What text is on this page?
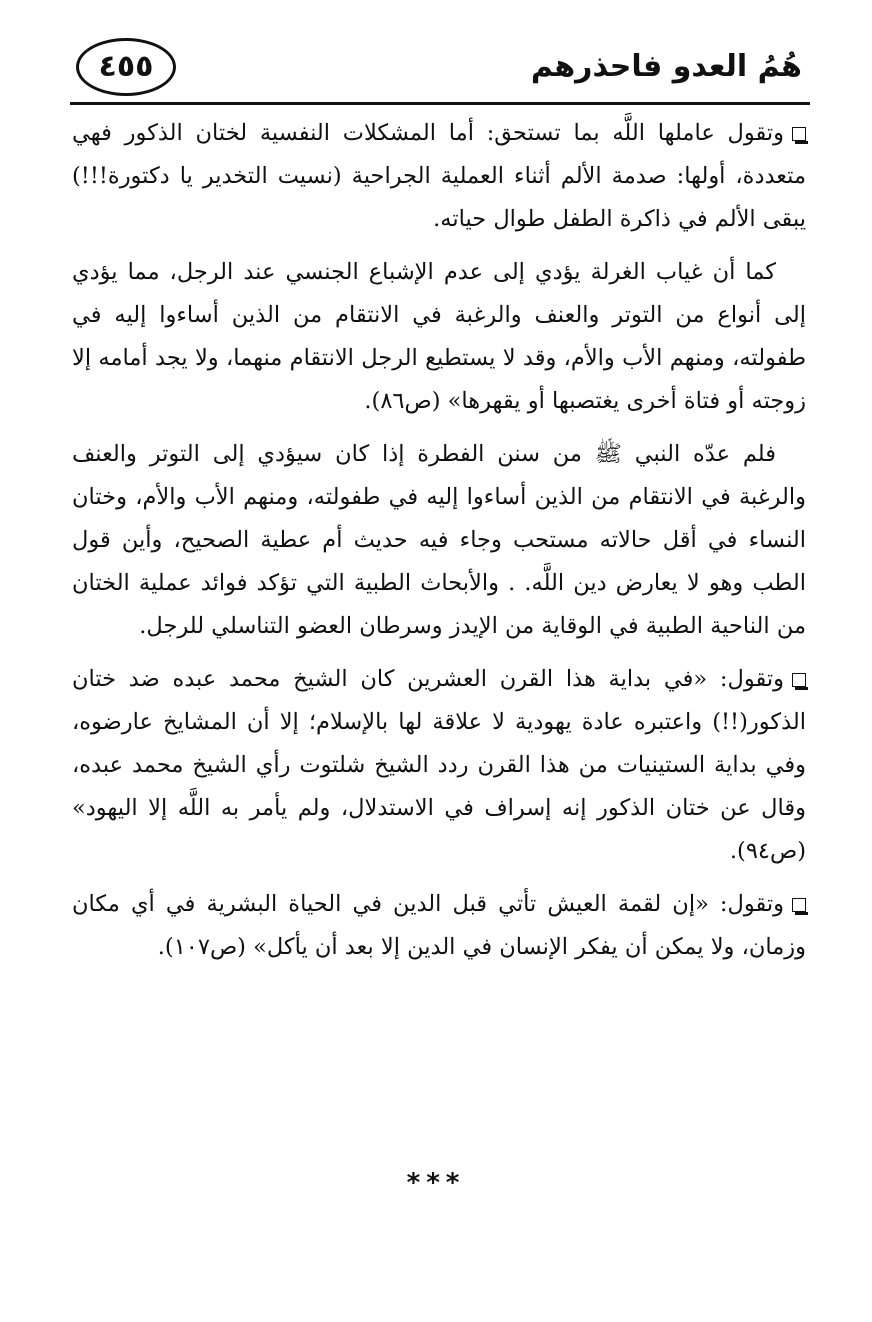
هُمُ العدو فاحذرهم
٤٥٥

وتقول عاملها اللَّه بما تستحق: أما المشكلات النفسية لختان الذكور فهي متعددة، أولها: صدمة الألم أثناء العملية الجراحية (نسيت التخدير يا دكتورة!!!) يبقى الألم في ذاكرة الطفل طوال حياته.

كما أن غياب الغرلة يؤدي إلى عدم الإشباع الجنسي عند الرجل، مما يؤدي إلى أنواع من التوتر والعنف والرغبة في الانتقام من الذين أساءوا إليه في طفولته، ومنهم الأب والأم، وقد لا يستطيع الرجل الانتقام منهما، ولا يجد أمامه إلا زوجته أو فتاة أخرى يغتصبها أو يقهرها» (ص٨٦).

فلم عدّه النبي ﷺ من سنن الفطرة إذا كان سيؤدي إلى التوتر والعنف والرغبة في الانتقام من الذين أساءوا إليه في طفولته، ومنهم الأب والأم، وختان النساء في أقل حالاته مستحب وجاء فيه حديث أم عطية الصحيح، وأين قول الطب وهو لا يعارض دين اللَّه. . والأبحاث الطبية التي تؤكد فوائد عملية الختان من الناحية الطبية في الوقاية من الإيدز وسرطان العضو التناسلي للرجل.

وتقول: «في بداية هذا القرن العشرين كان الشيخ محمد عبده ضد ختان الذكور(!!) واعتبره عادة يهودية لا علاقة لها بالإسلام؛ إلا أن المشايخ عارضوه، وفي بداية الستينيات من هذا القرن ردد الشيخ شلتوت رأي الشيخ محمد عبده، وقال عن ختان الذكور إنه إسراف في الاستدلال، ولم يأمر به اللَّه إلا اليهود» (ص٩٤).

وتقول: «إن لقمة العيش تأتي قبل الدين في الحياة البشرية في أي مكان وزمان، ولا يمكن أن يفكر الإنسان في الدين إلا بعد أن يأكل» (ص١٠٧).

***
